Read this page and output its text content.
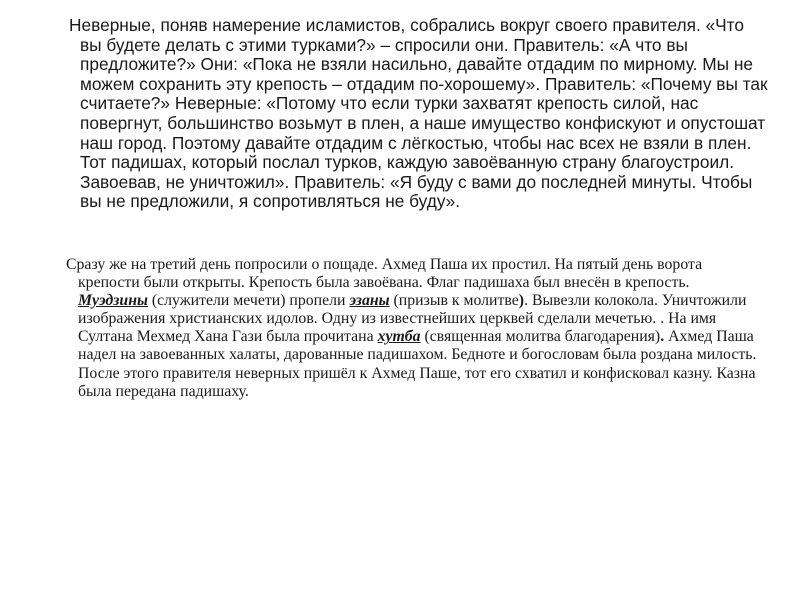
Неверные, поняв намерение исламистов, собрались вокруг своего правителя. «Что вы будете делать с этими турками?» – спросили они. Правитель: «А что вы предложите?» Они: «Пока не взяли насильно, давайте отдадим по мирному. Мы не можем сохранить эту крепость – отдадим по-хорошему». Правитель: «Почему вы так считаете?» Неверные: «Потому что если турки захватят крепость силой, нас повергнут, большинство возьмут в плен, а наше имущество конфискуют и опустошат наш город. Поэтому давайте отдадим с лёгкостью, чтобы нас всех не взяли в плен. Тот падишах, который послал турков, каждую завоёванную страну благоустроил. Завоевав, не уничтожил». Правитель: «Я буду с вами до последней минуты. Чтобы вы не предложили, я сопротивляться не буду».

Сразу же на третий день попросили о пощаде. Ахмед Паша их простил. На пятый день ворота крепости были открыты. Крепость была завоёвана. Флаг падишаха был внесён в крепость. Муэдзины (служители мечети) пропели эзаны (призыв к молитве). Вывезли колокола. Уничтожили изображения христианских идолов. Одну из известнейших церквей сделали мечетью. . На имя Султана Мехмед Хана Гази была прочитана хутба (священная молитва благодарения). Ахмед Паша надел на завоеванных халаты, дарованные падишахом. Бедноте и богословам была роздана милость. После этого правителя неверных пришёл к Ахмед Паше, тот его схватил и конфисковал казну. Казна была передана падишаху.
